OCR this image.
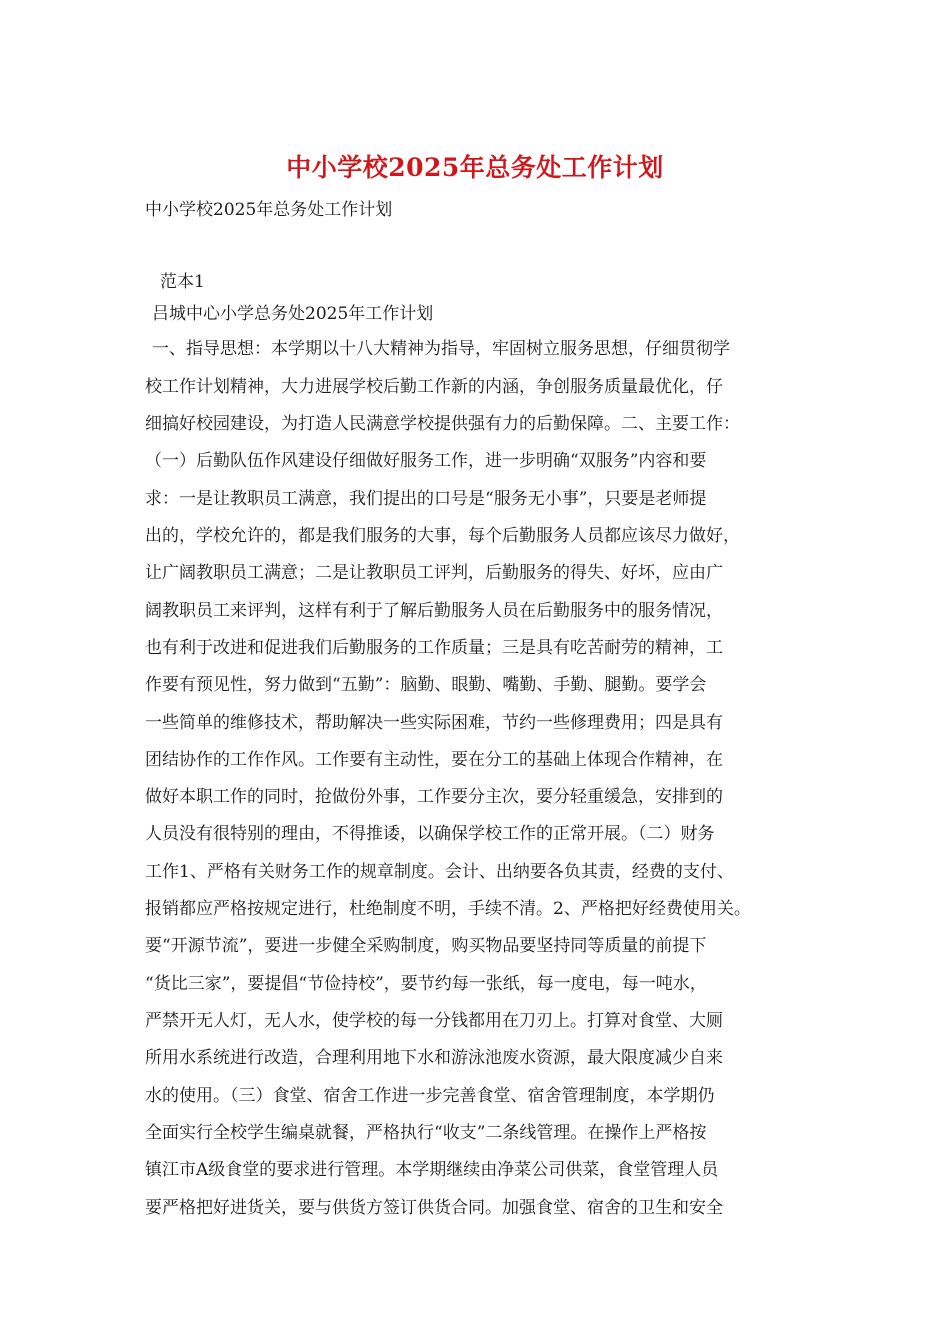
中小学校2025年总务处工作计划
中小学校2025年总务处工作计划
范本1
吕城中心小学总务处2025年工作计划
一、指导思想：本学期以十八大精神为指导，牢固树立服务思想，仔细贯彻学
校工作计划精神，大力进展学校后勤工作新的内涵，争创服务质量最优化，仔
细搞好校园建设，为打造人民满意学校提供强有力的后勤保障。二、主要工作：
（一）后勤队伍作风建设仔细做好服务工作，进一步明确“双服务”内容和要
求：一是让教职员工满意，我们提出的口号是“服务无小事”，只要是老师提
出的，学校允许的，都是我们服务的大事，每个后勤服务人员都应该尽力做好，
让广阔教职员工满意；二是让教职员工评判，后勤服务的得失、好坏，应由广
阔教职员工来评判，这样有利于了解后勤服务人员在后勤服务中的服务情况，
也有利于改进和促进我们后勤服务的工作质量；三是具有吃苦耐劳的精神，工
作要有预见性，努力做到“五勤”：脑勤、眼勤、嘴勤、手勤、腿勤。要学会
一些简单的维修技术，帮助解决一些实际困难，节约一些修理费用；四是具有
团结协作的工作作风。工作要有主动性，要在分工的基础上体现合作精神，在
做好本职工作的同时，抢做份外事，工作要分主次，要分轻重缓急，安排到的
人员没有很特别的理由，不得推诿，以确保学校工作的正常开展。（二）财务
工作1、严格有关财务工作的规章制度。会计、出纳要各负其责，经费的支付、
报销都应严格按规定进行，杜绝制度不明，手续不清。2、严格把好经费使用关。
要“开源节流”，要进一步健全采购制度，购买物品要坚持同等质量的前提下
“货比三家”，要提倡“节俭持校”，要节约每一张纸，每一度电，每一吨水，
严禁开无人灯，无人水，使学校的每一分钱都用在刀刃上。打算对食堂、大厕
所用水系统进行改造，合理利用地下水和游泳池废水资源，最大限度减少自来
水的使用。（三）食堂、宿舍工作进一步完善食堂、宿舍管理制度，本学期仍
全面实行全校学生编桌就餐，严格执行“收支”二条线管理。在操作上严格按
镇江市A级食堂的要求进行管理。本学期继续由净菜公司供菜，食堂管理人员
要严格把好进货关，要与供货方签订供货合同。加强食堂、宿舍的卫生和安全
